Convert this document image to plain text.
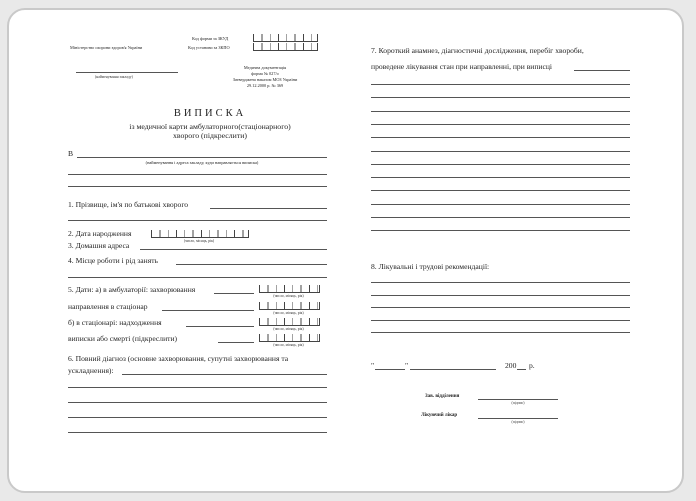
Міністерство охорони здоров'я України
Код форми за ЗКУД
Код установи за ЗКПО
(найменування закладу)
Медична документація
форма № 027/о
Затверджена наказом МОЗ України
29.12.2000 р. № 369
ВИПИСКА
із медичної карти амбулаторного(стаціонарного)
хворого (підкреслити)
В
(найменування і адреса закладу, куди направляється виписка)
1. Прізвище, ім'я по батькові хворого
2. Дата народження
(число, місяць, рік)
3. Домашня адреса
4. Місце роботи і рід занять
5. Дати: а) в амбулаторії: захворювання
(число, місяць, рік)
направлення в стаціонар
(число, місяць, рік)
б) в стаціонарі: надходження
(число, місяць, рік)
виписки або смерті (підкреслити)
(число, місяць, рік)
6. Повний діагноз (основне захворювання, супутні захворювання та
ускладнення):
7. Короткий анамнез, діагностичні дослідження, перебіг хвороби,
проведене лікування стан при направленні, при виписці
8. Лікувальні і трудові рекомендації:
"	"	200 р.
Зав. відділення
(підпис)
Лікуючий лікар
(підпис)
